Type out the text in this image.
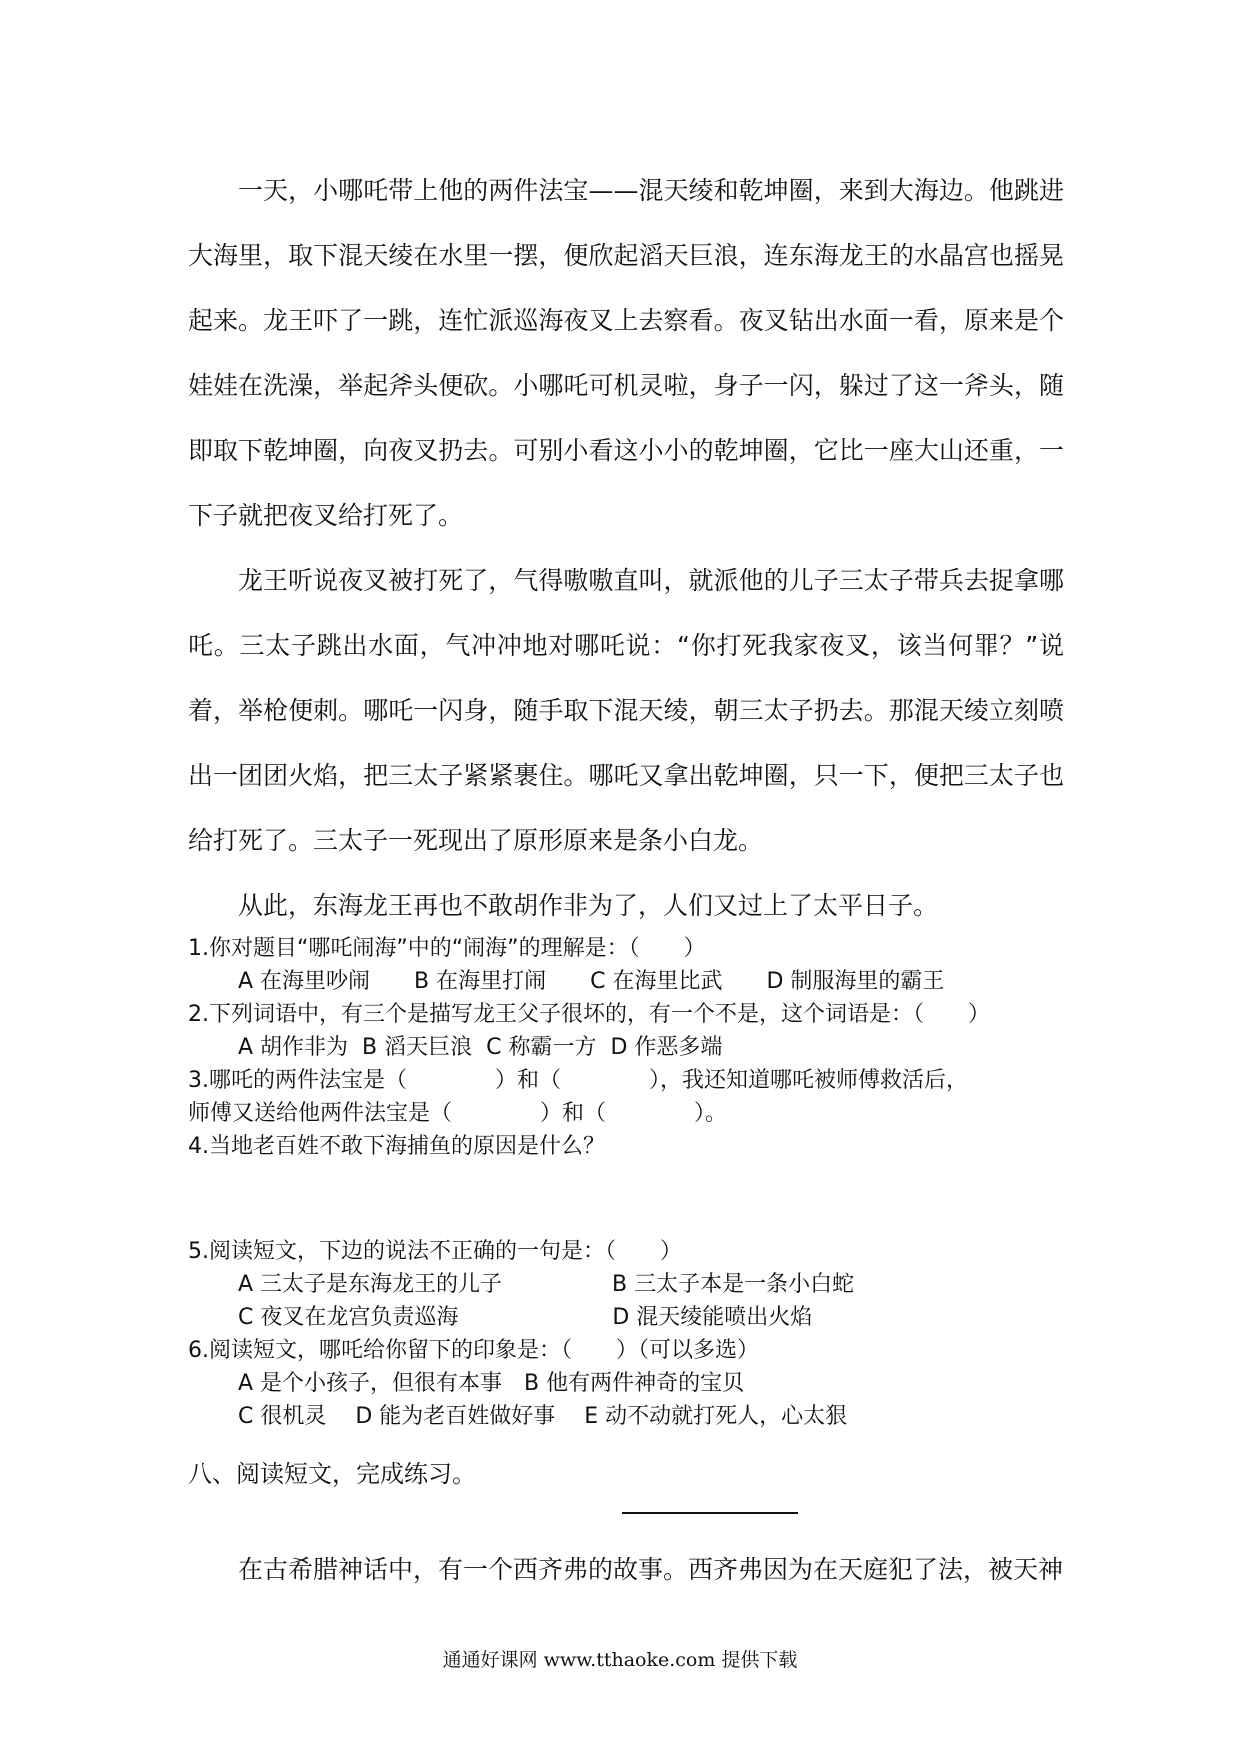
一天，小哪吒带上他的两件法宝——混天绫和乾坤圈，来到大海边。他跳进大海里，取下混天绫在水里一摆，便欣起滔天巨浪，连东海龙王的水晶宫也摇晃起来。龙王吓了一跳，连忙派巡海夜叉上去察看。夜叉钻出水面一看，原来是个娃娃在洗澡，举起斧头便砍。小哪吒可机灵啦，身子一闪，躲过了这一斧头，随即取下乾坤圈，向夜叉扔去。可别小看这小小的乾坤圈，它比一座大山还重，一下子就把夜叉给打死了。

龙王听说夜叉被打死了，气得嗷嗷直叫，就派他的儿子三太子带兵去捉拿哪吒。三太子跳出水面，气冲冲地对哪吒说：“你打死我家夜叉，该当何罪？”说着，举枪便刺。哪吒一闪身，随手取下混天绫，朝三太子扔去。那混天绫立刻喷出一团团火焰，把三太子紧紧裹住。哪吒又拿出乾坤圈，只一下，便把三太子也给打死了。三太子一死现出了原形原来是条小白龙。

从此，东海龙王再也不敢胡作非为了，人们又过上了太平日子。

1.你对题目“哪吒闹海”中的“闹海”的理解是：（　　）

A 在海里吵闹　　B 在海里打闹　　C 在海里比武　　D 制服海里的霸王

2.下列词语中，有三个是描写龙王父子很坏的，有一个不是，这个词语是：（　　）

A 胡作非为  B 滔天巨浪  C 称霸一方  D 作恶多端

3.哪吒的两件法宝是（　　　　）和（　　　　），我还知道哪吒被师傅救活后，

师傅又送给他两件法宝是（　　　　）和（　　　　）。

4.当地老百姓不敢下海捕鱼的原因是什么？

5.阅读短文，下边的说法不正确的一句是：（　　）

A 三太子是东海龙王的儿子　　　　　B 三太子本是一条小白蛇

C 夜叉在龙宫负责巡海　　　　　　　D 混天绫能喷出火焰

6.阅读短文，哪吒给你留下的印象是：（　　）（可以多选）

A 是个小孩子，但很有本事　B 他有两件神奇的宝贝

C 很机灵　 D 能为老百姓做好事　 E 动不动就打死人，心太狠

八、阅读短文，完成练习。

在古希腊神话中，有一个西齐弗的故事。西齐弗因为在天庭犯了法，被天神

通通好课网 www.tthaoke.com 提供下载
